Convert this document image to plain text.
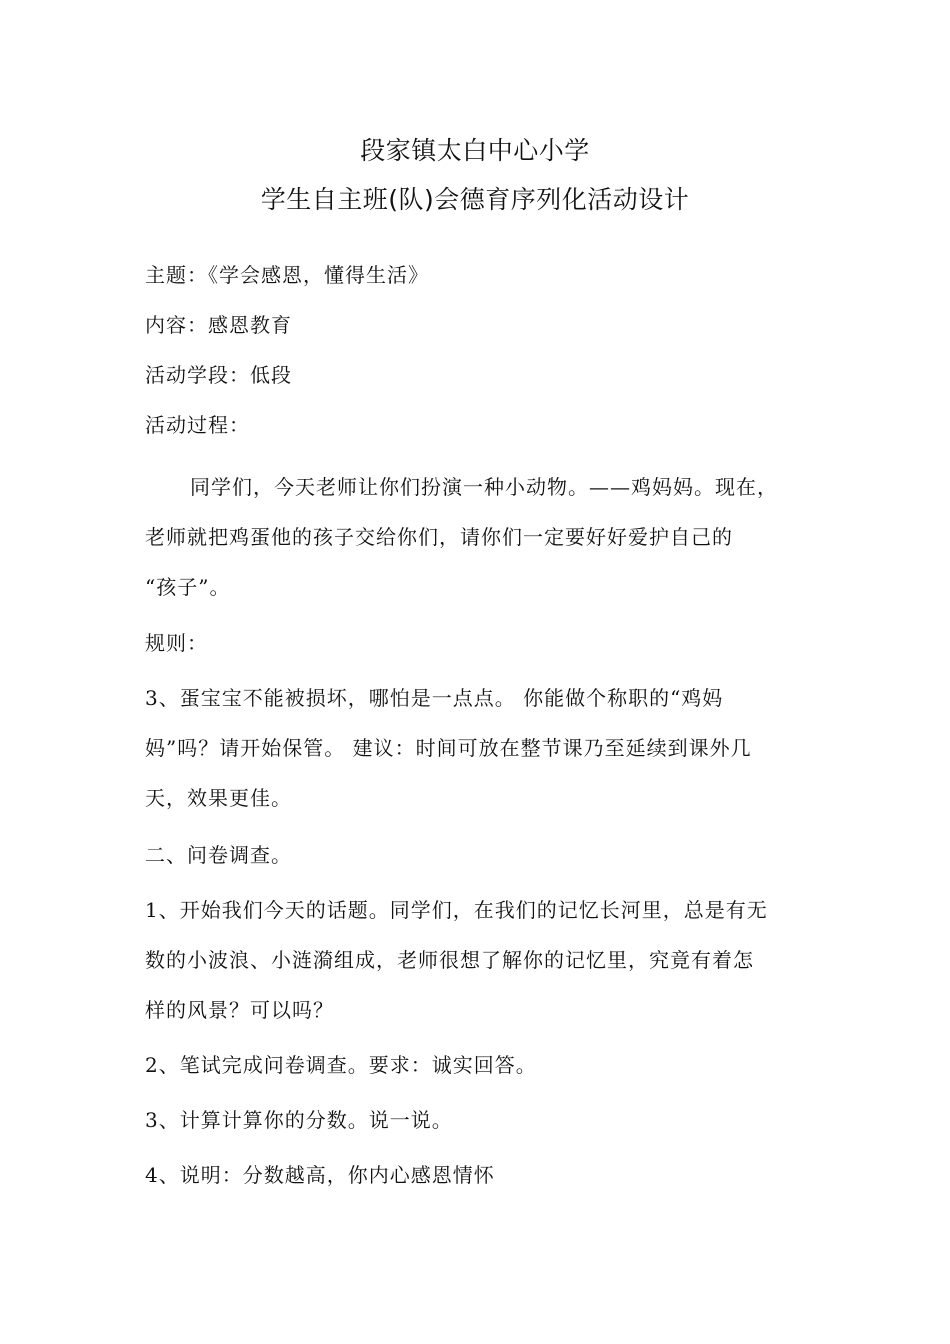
段家镇太白中心小学
学生自主班(队)会德育序列化活动设计
主题：《学会感恩，懂得生活》
内容：感恩教育
活动学段：低段
活动过程：
同学们，今天老师让你们扮演一种小动物。——鸡妈妈。现在，
老师就把鸡蛋他的孩子交给你们，请你们一定要好好爱护自己的
“孩子”。
规则：
3、蛋宝宝不能被损坏，哪怕是一点点。 你能做个称职的“鸡妈
妈”吗？请开始保管。 建议：时间可放在整节课乃至延续到课外几
天，效果更佳。
二、问卷调查。
1、开始我们今天的话题。同学们，在我们的记忆长河里，总是有无
数的小波浪、小涟漪组成，老师很想了解你的记忆里，究竟有着怎
样的风景？可以吗？
2、笔试完成问卷调查。要求：诚实回答。
3、计算计算你的分数。说一说。
4、说明：分数越高，你内心感恩情怀
